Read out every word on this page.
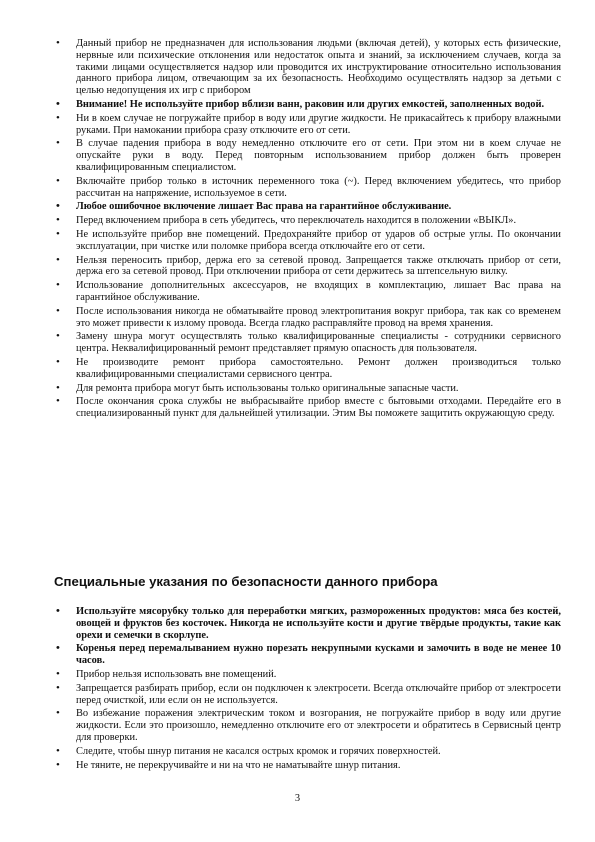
• Данный прибор не предназначен для использования людьми (включая детей), у которых есть физические, нервные или психические отклонения или недостаток опыта и знаний, за исключением случаев, когда за такими лицами осуществляется надзор или проводится их инструктирование относительно использования данного прибора лицом, отвечающим за их безопасность. Необходимо осуществлять надзор за детьми с целью недопущения их игр с прибором
• Внимание! Не используйте прибор вблизи ванн, раковин или других емкостей, заполненных водой.
• Ни в коем случае не погружайте прибор в воду или другие жидкости. Не прикасайтесь к прибору влажными руками. При намокании прибора сразу отключите его от сети.
• В случае падения прибора в воду немедленно отключите его от сети. При этом ни в коем случае не опускайте руки в воду. Перед повторным использованием прибор должен быть проверен квалифицированным специалистом.
• Включайте прибор только в источник переменного тока (~). Перед включением убедитесь, что прибор рассчитан на напряжение, используемое в сети.
• Любое ошибочное включение лишает Вас права на гарантийное обслуживание.
• Перед включением прибора в сеть убедитесь, что переключатель находится в положении «ВЫКЛ».
• Не используйте прибор вне помещений. Предохраняйте прибор от ударов об острые углы. По окончании эксплуатации, при чистке или поломке прибора всегда отключайте его от сети.
• Нельзя переносить прибор, держа его за сетевой провод. Запрещается также отключать прибор от сети, держа его за сетевой провод. При отключении прибора от сети держитесь за штепсельную вилку.
• Использование дополнительных аксессуаров, не входящих в комплектацию, лишает Вас права на гарантийное обслуживание.
• После использования никогда не обматывайте провод электропитания вокруг прибора, так как со временем это может привести к излому провода. Всегда гладко расправляйте провод на время хранения.
• Замену шнура могут осуществлять только квалифицированные специалисты - сотрудники сервисного центра. Неквалифицированный ремонт представляет прямую опасность для пользователя.
• Не производите ремонт прибора самостоятельно. Ремонт должен производиться только квалифицированными специалистами сервисного центра.
• Для ремонта прибора могут быть использованы только оригинальные запасные части.
• После окончания срока службы не выбрасывайте прибор вместе с бытовыми отходами. Передайте его в специализированный пункт для дальнейшей утилизации. Этим Вы поможете защитить окружающую среду.
Специальные указания по безопасности данного прибора
• Используйте мясорубку только для переработки мягких, размороженных продуктов: мяса без костей, овощей и фруктов без косточек. Никогда не используйте кости и другие твёрдые продукты, такие как орехи и семечки в скорлупе.
• Коренья перед перемалыванием нужно порезать некрупными кусками и замочить в воде не менее 10 часов.
• Прибор нельзя использовать вне помещений.
• Запрещается разбирать прибор, если он подключен к электросети. Всегда отключайте прибор от электросети перед очисткой, или если он не используется.
• Во избежание поражения электрическим током и возгорания, не погружайте прибор в воду или другие жидкости. Если это произошло, немедленно отключите его от электросети и обратитесь в Сервисный центр для проверки.
• Следите, чтобы шнур питания не касался острых кромок и горячих поверхностей.
• Не тяните, не перекручивайте и ни на что не наматывайте шнур питания.
3
